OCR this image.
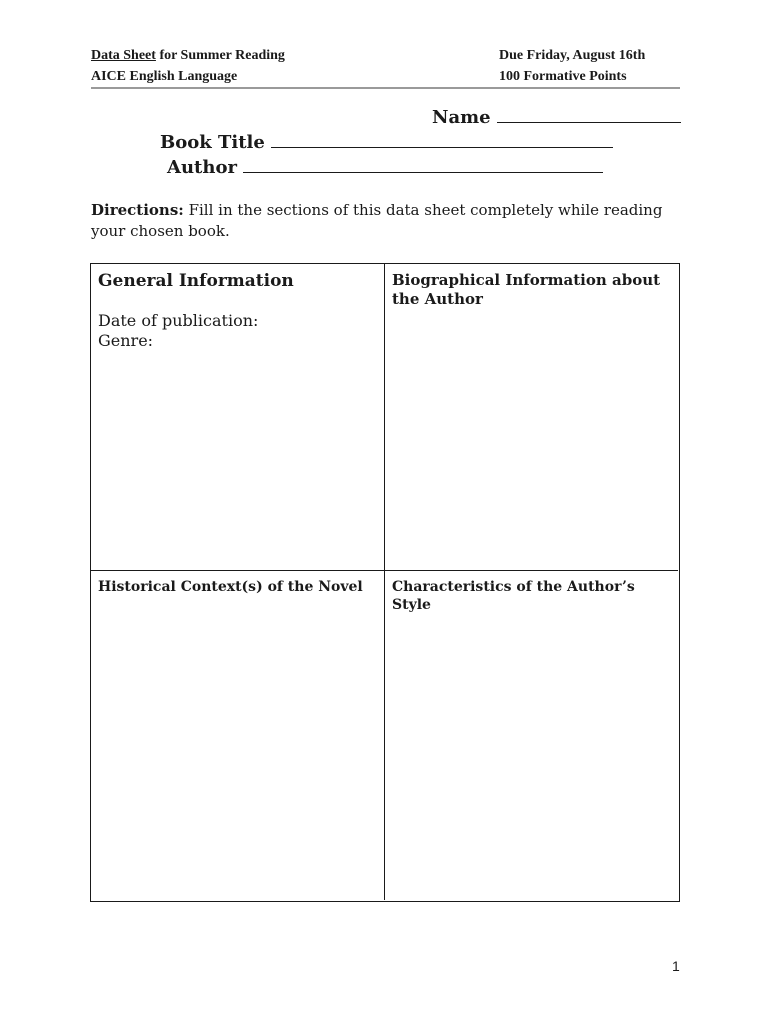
Data Sheet for Summer Reading
AICE English Language
Due Friday, August 16th
100 Formative Points
Name
Book Title
Author
Directions: Fill in the sections of this data sheet completely while reading your chosen book.
General Information
Date of publication:
Genre:
Biographical Information about the Author
Historical Context(s) of the Novel	Characteristics of the Author’s Style
1
